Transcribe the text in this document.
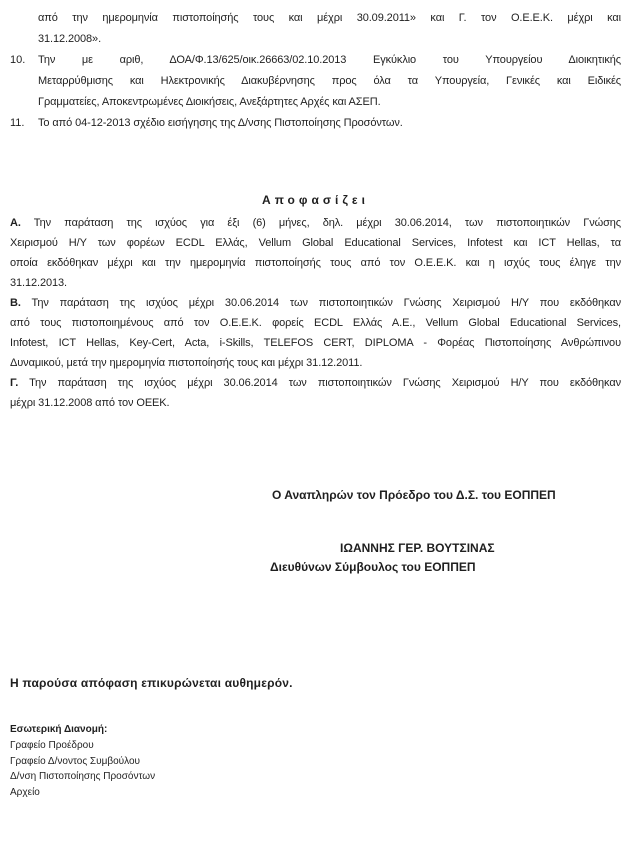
από την ημερομηνία πιστοποίησής τους και μέχρι 30.09.2011» και Γ. τον Ο.Ε.Ε.Κ. μέχρι και
31.12.2008».
10. Την με αριθ, ΔΟΑ/Φ.13/625/οικ.26663/02.10.2013 Εγκύκλιο του Υπουργείου Διοικητικής
Μεταρρύθμισης και Ηλεκτρονικής Διακυβέρνησης προς όλα τα Υπουργεία, Γενικές και Ειδικές
Γραμματείες, Αποκεντρωμένες Διοικήσεις, Ανεξάρτητες Αρχές και ΑΣΕΠ.
11. Το από 04-12-2013 σχέδιο εισήγησης της Δ/νσης Πιστοποίησης Προσόντων.
Αποφασίζει
Α. Την παράταση της ισχύος για έξι (6) μήνες, δηλ. μέχρι 30.06.2014, των πιστοποιητικών Γνώσης
Χειρισμού Η/Υ των φορέων ECDL Ελλάς, Vellum Global Educational Services, Infotest και ICT Hellas, τα
οποία εκδόθηκαν μέχρι και την ημερομηνία πιστοποίησής τους από τον Ο.Ε.Ε.Κ. και η ισχύς τους έληγε την
31.12.2013.
Β. Την παράταση της ισχύος μέχρι 30.06.2014 των πιστοποιητικών Γνώσης Χειρισμού Η/Υ που εκδόθηκαν
από τους πιστοποιημένους από τον Ο.Ε.Ε.Κ. φορείς ECDL Ελλάς Α.Ε., Vellum Global Educational Services,
Infotest, ICT Hellas, Key-Cert, Acta, i-Skills, TELEFOS CERT, DIPLOMA - Φορέας Πιστοποίησης Ανθρώπινου
Δυναμικού, μετά την ημερομηνία πιστοποίησής τους και μέχρι 31.12.2011.
Γ. Την παράταση της ισχύος μέχρι 30.06.2014 των πιστοποιητικών Γνώσης Χειρισμού Η/Υ που εκδόθηκαν
μέχρι 31.12.2008 από τον ΟΕΕΚ.
Ο Αναπληρών τον Πρόεδρο του Δ.Σ. του ΕΟΠΠΕΠ
ΙΩΑΝΝΗΣ ΓΕΡ. ΒΟΥΤΣΙΝΑΣ
Διευθύνων Σύμβουλος του ΕΟΠΠΕΠ
Η παρούσα απόφαση επικυρώνεται αυθημερόν.
Εσωτερική Διανομή:
Γραφείο Προέδρου
Γραφείο Δ/νοντος Συμβούλου
Δ/νση Πιστοποίησης Προσόντων
Αρχείο
